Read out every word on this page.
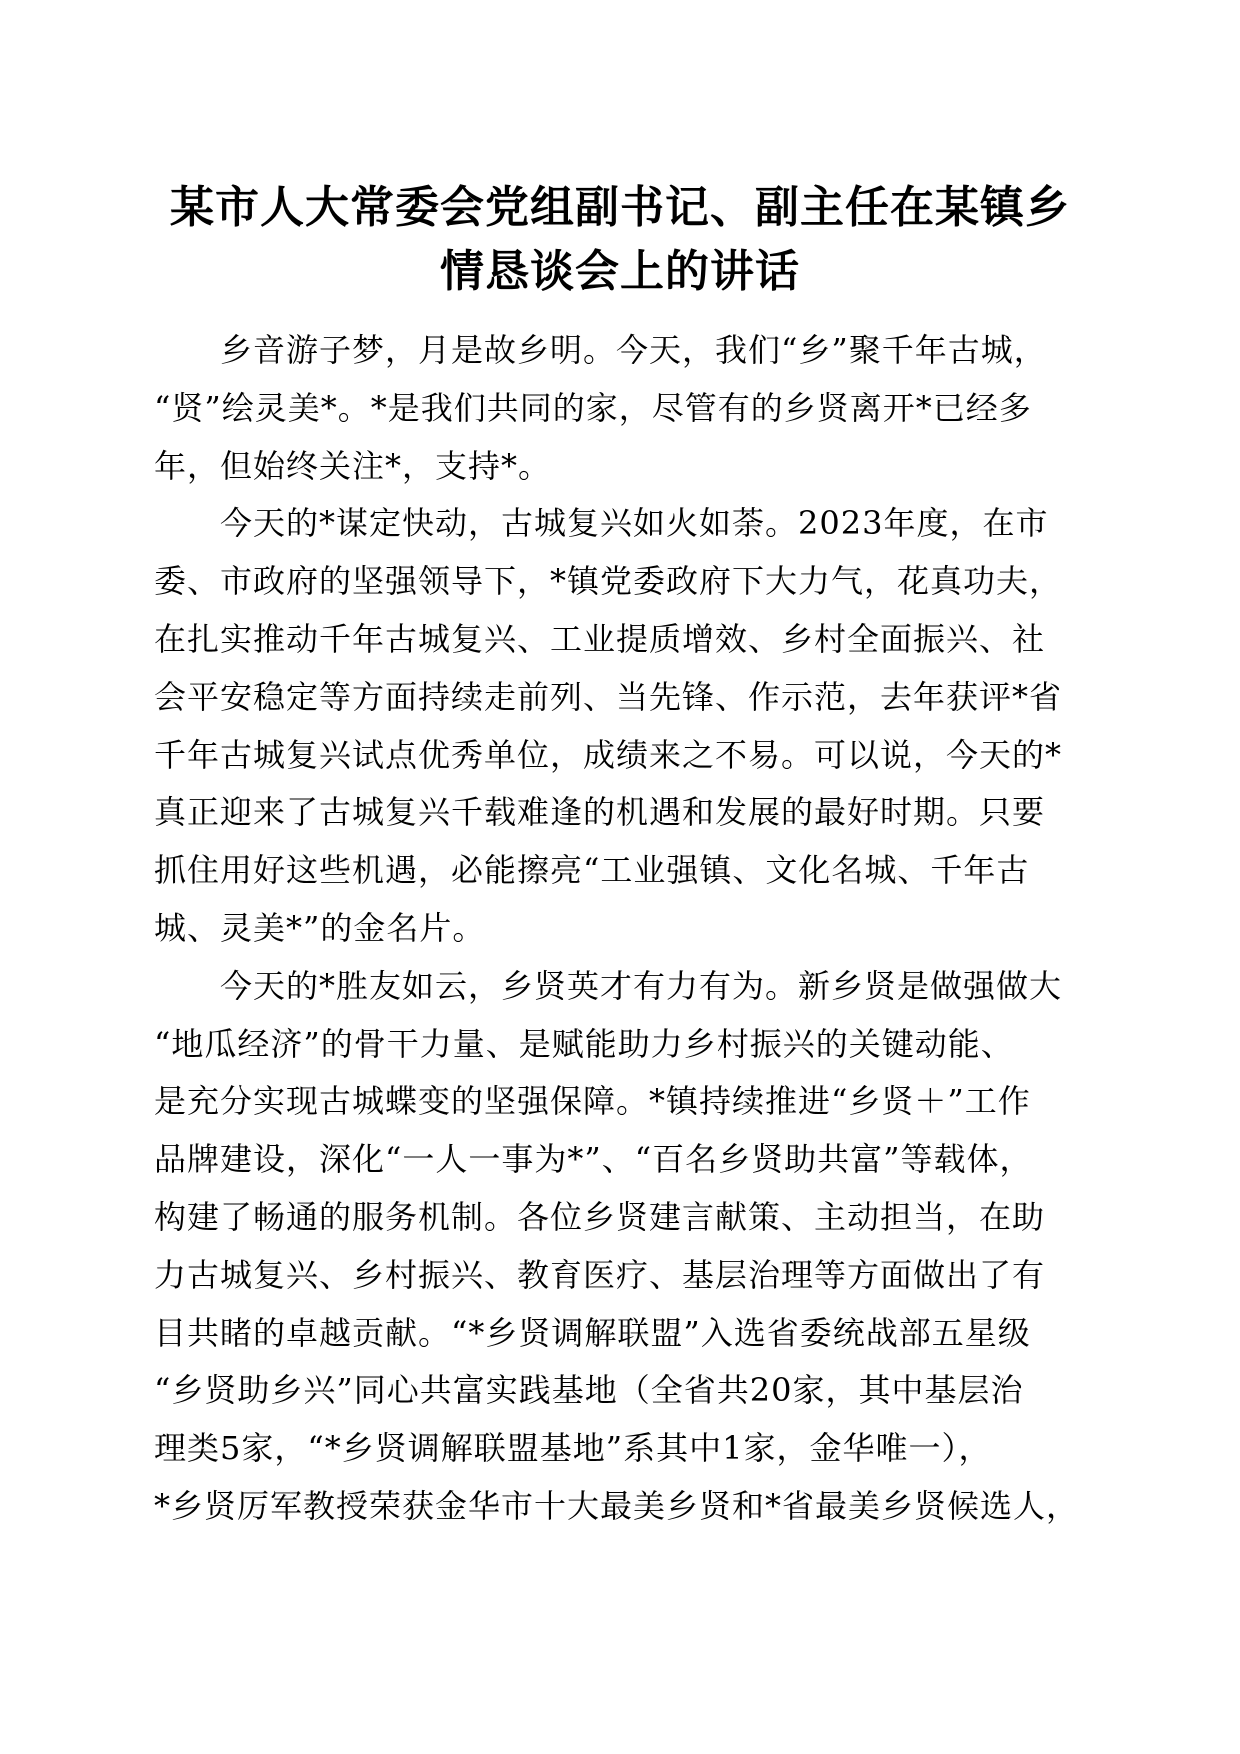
某市人大常委会党组副书记、副主任在某镇乡
情恳谈会上的讲话

　　乡音游子梦，月是故乡明。今天，我们“乡”聚千年古城，
“贤”绘灵美*。*是我们共同的家，尽管有的乡贤离开*已经多
年，但始终关注*，支持*。

　　今天的*谋定快动，古城复兴如火如荼。2023年度，在市
委、市政府的坚强领导下，*镇党委政府下大力气，花真功夫，
在扎实推动千年古城复兴、工业提质增效、乡村全面振兴、社
会平安稳定等方面持续走前列、当先锋、作示范，去年获评*省
千年古城复兴试点优秀单位，成绩来之不易。可以说，今天的*
真正迎来了古城复兴千载难逢的机遇和发展的最好时期。只要
抓住用好这些机遇，必能擦亮“工业强镇、文化名城、千年古
城、灵美*”的金名片。

　　今天的*胜友如云，乡贤英才有力有为。新乡贤是做强做大
“地瓜经济”的骨干力量、是赋能助力乡村振兴的关键动能、
是充分实现古城蝶变的坚强保障。*镇持续推进“乡贤＋”工作
品牌建设，深化“一人一事为*”、“百名乡贤助共富”等载体，
构建了畅通的服务机制。各位乡贤建言献策、主动担当，在助
力古城复兴、乡村振兴、教育医疗、基层治理等方面做出了有
目共睹的卓越贡献。“*乡贤调解联盟”入选省委统战部五星级
“乡贤助乡兴”同心共富实践基地（全省共20家，其中基层治
理类5家，“*乡贤调解联盟基地”系其中1家，金华唯一），
*乡贤厉军教授荣获金华市十大最美乡贤和*省最美乡贤候选人，
